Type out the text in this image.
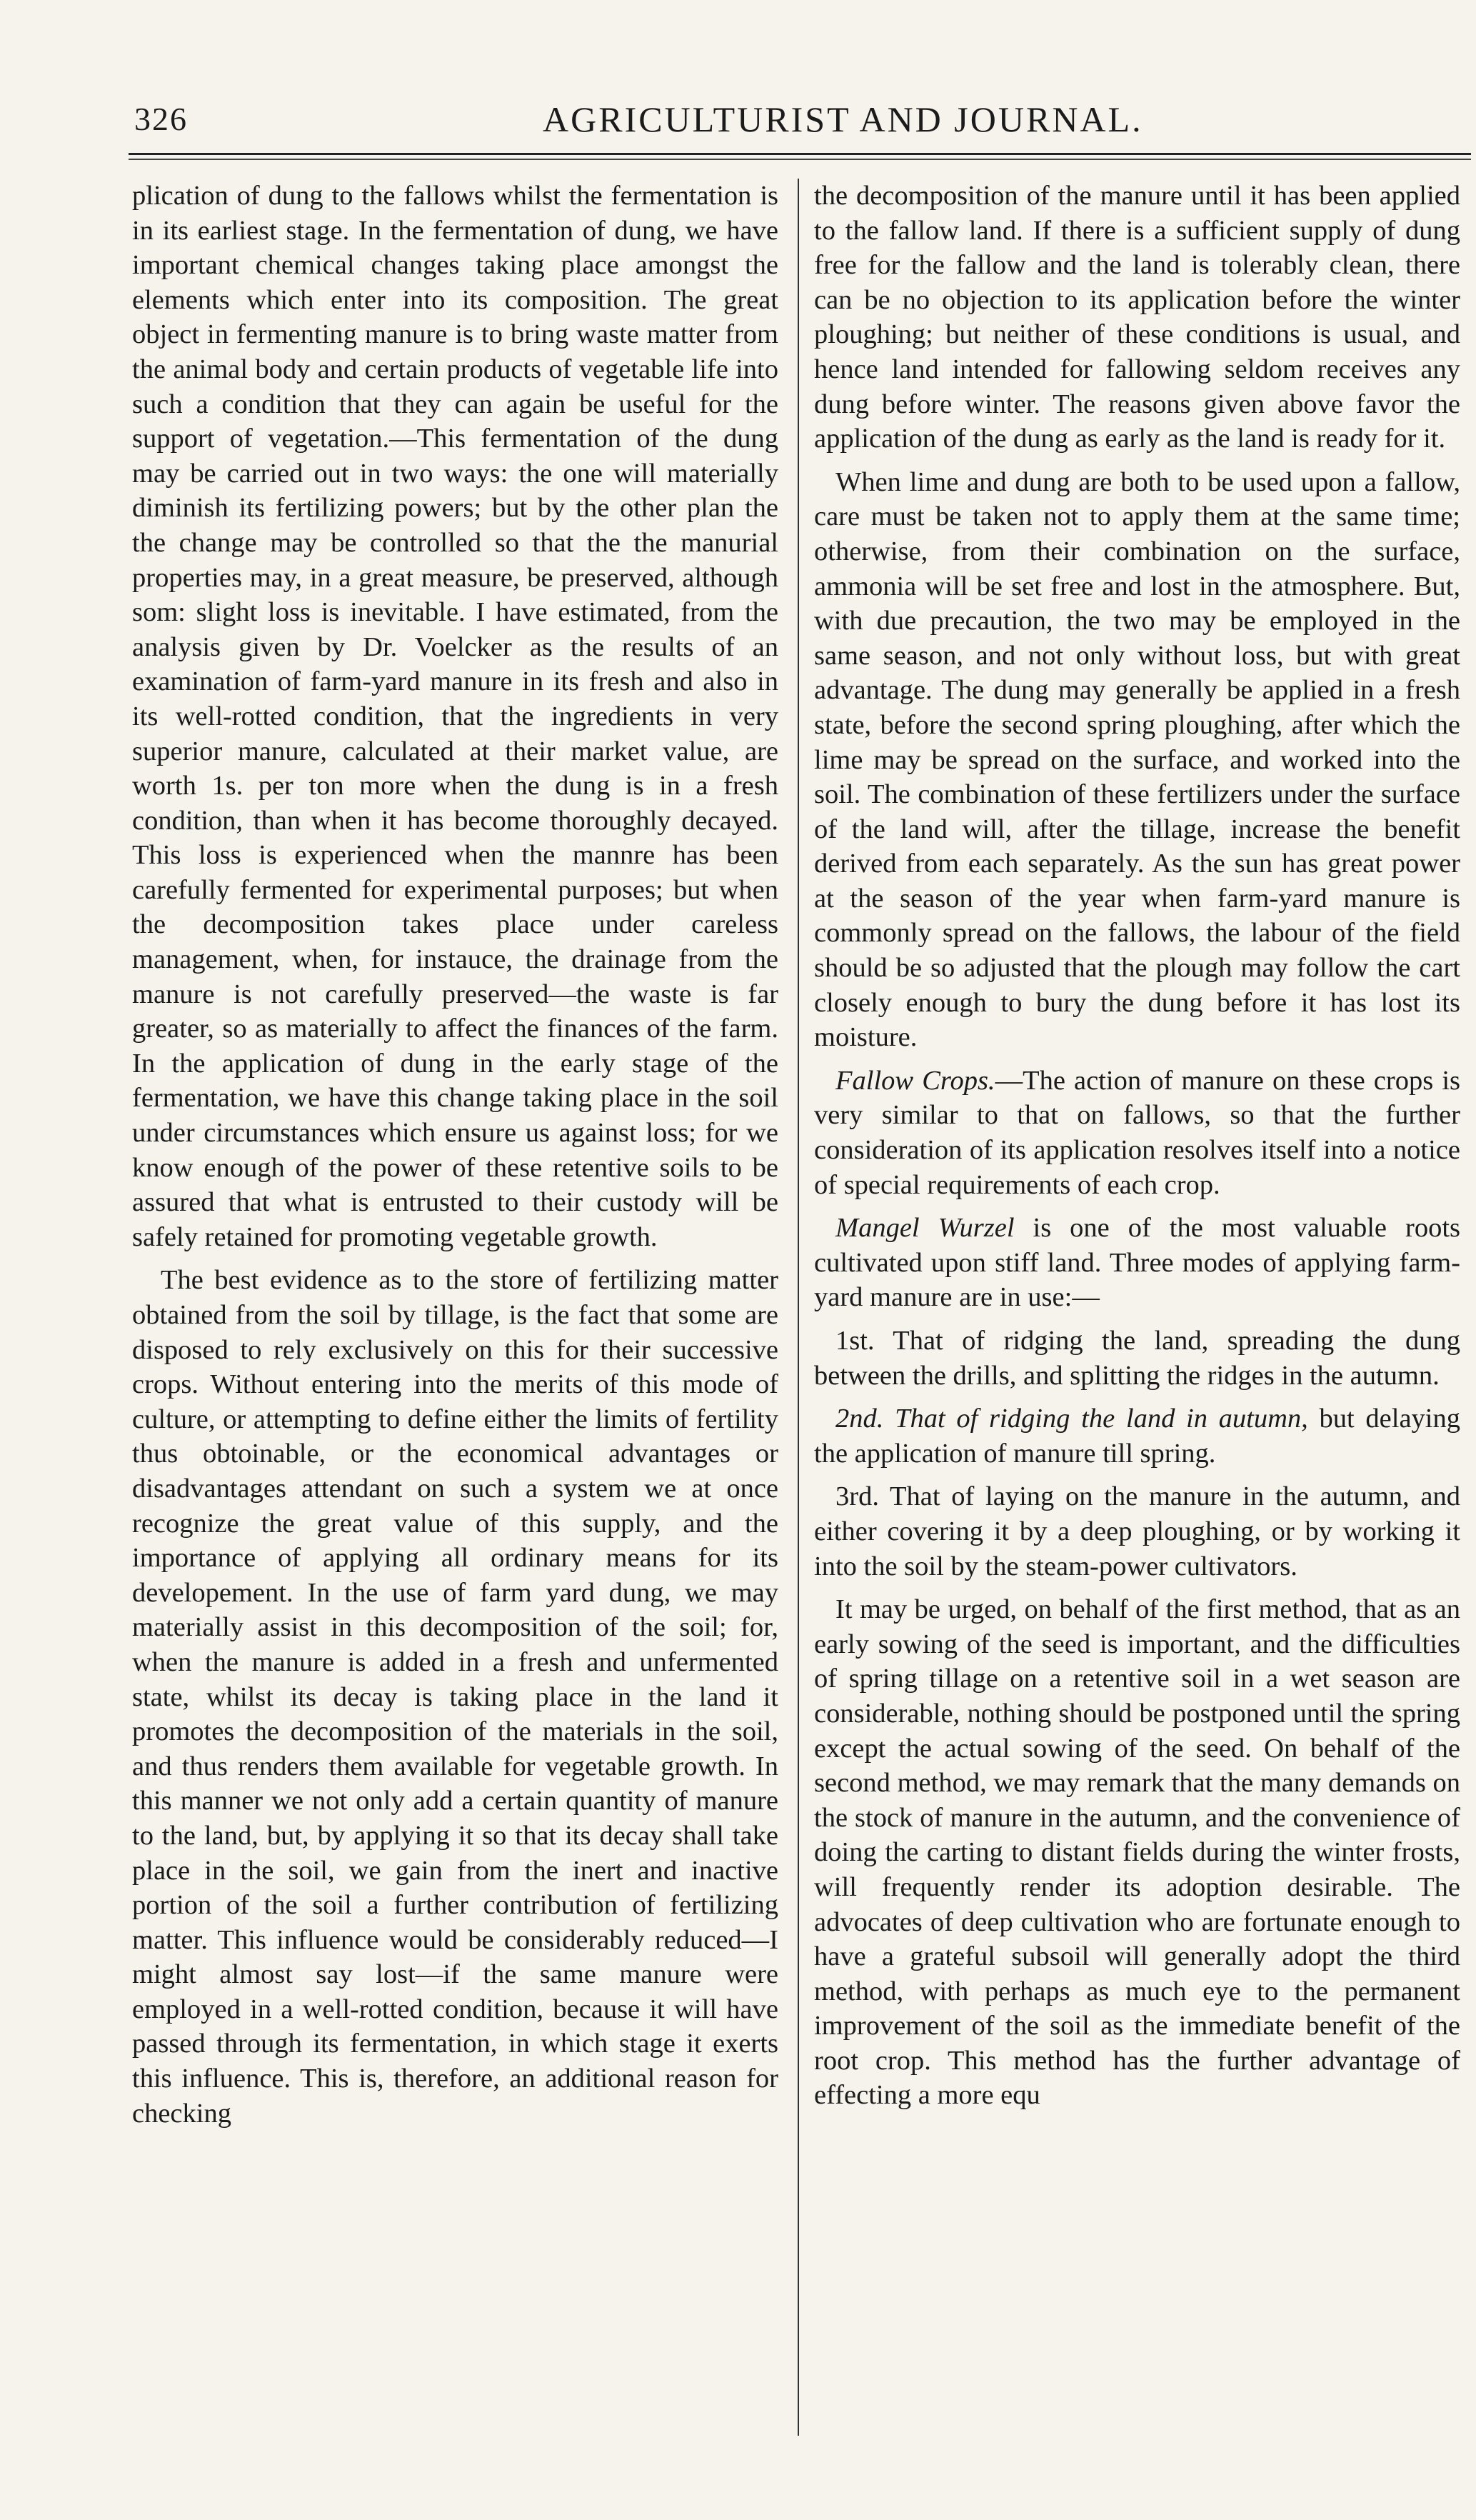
326	AGRICULTURIST AND JOURNAL.

plication of dung to the fallows whilst the fermentation is in its earliest stage. In the fermentation of dung, we have important chemical changes taking place amongst the elements which enter into its composition. The great object in fermenting manure is to bring waste matter from the animal body and certain products of vegetable life into such a condition that they can again be useful for the support of vegetation.—This fermentation of the dung may be carried out in two ways: the one will materially diminish its fertilizing powers; but by the other plan the the change may be controlled so that the the manurial properties may, in a great measure, be preserved, although som: slight loss is inevitable. I have estimated, from the analysis given by Dr. Voelcker as the results of an examination of farm-yard manure in its fresh and also in its well-rotted condition, that the ingredients in very superior manure, calculated at their market value, are worth 1s. per ton more when the dung is in a fresh condition, than when it has become thoroughly decayed. This loss is experienced when the mannre has been carefully fermented for experimental purposes; but when the decomposition takes place under careless management, when, for instauce, the drainage from the manure is not carefully preserved—the waste is far greater, so as materially to affect the finances of the farm. In the application of dung in the early stage of the fermentation, we have this change taking place in the soil under circumstances which ensure us against loss; for we know enough of the power of these retentive soils to be assured that what is entrusted to their custody will be safely retained for promoting vegetable growth.

The best evidence as to the store of fertilizing matter obtained from the soil by tillage, is the fact that some are disposed to rely exclusively on this for their successive crops. Without entering into the merits of this mode of culture, or attempting to define either the limits of fertility thus obtoinable, or the economical advantages or disadvantages attendant on such a system we at once recognize the great value of this supply, and the importance of applying all ordinary means for its developement. In the use of farm yard dung, we may materially assist in this decomposition of the soil; for, when the manure is added in a fresh and unfermented state, whilst its decay is taking place in the land it promotes the decomposition of the materials in the soil, and thus renders them available for vegetable growth. In this manner we not only add a certain quantity of manure to the land, but, by applying it so that its decay shall take place in the soil, we gain from the inert and inactive portion of the soil a further contribution of fertilizing matter. This influence would be considerably reduced—I might almost say lost—if the same manure were employed in a well-rotted condition, because it will have passed through its fermentation, in which stage it exerts this influence. This is, therefore, an additional reason for checking

the decomposition of the manure until it has been applied to the fallow land. If there is a sufficient supply of dung free for the fallow and the land is tolerably clean, there can be no objection to its application before the winter ploughing; but neither of these conditions is usual, and hence land intended for fallowing seldom receives any dung before winter. The reasons given above favor the application of the dung as early as the land is ready for it.

When lime and dung are both to be used upon a fallow, care must be taken not to apply them at the same time; otherwise, from their combination on the surface, ammonia will be set free and lost in the atmosphere. But, with due precaution, the two may be employed in the same season, and not only without loss, but with great advantage. The dung may generally be applied in a fresh state, before the second spring ploughing, after which the lime may be spread on the surface, and worked into the soil. The combination of these fertilizers under the surface of the land will, after the tillage, increase the benefit derived from each separately. As the sun has great power at the season of the year when farm-yard manure is commonly spread on the fallows, the labour of the field should be so adjusted that the plough may follow the cart closely enough to bury the dung before it has lost its moisture.

Fallow Crops.—The action of manure on these crops is very similar to that on fallows, so that the further consideration of its application resolves itself into a notice of special requirements of each crop.

Mangel Wurzel is one of the most valuable roots cultivated upon stiff land. Three modes of applying farm-yard manure are in use:—

1st. That of ridging the land, spreading the dung between the drills, and splitting the ridges in the autumn.

2nd. That of ridging the land in autumn, but delaying the application of manure till spring.

3rd. That of laying on the manure in the autumn, and either covering it by a deep ploughing, or by working it into the soil by the steam-power cultivators.

It may be urged, on behalf of the first method, that as an early sowing of the seed is important, and the difficulties of spring tillage on a retentive soil in a wet season are considerable, nothing should be postponed until the spring except the actual sowing of the seed. On behalf of the second method, we may remark that the many demands on the stock of manure in the autumn, and the convenience of doing the carting to distant fields during the winter frosts, will frequently render its adoption desirable. The advocates of deep cultivation who are fortunate enough to have a grateful subsoil will generally adopt the third method, with perhaps as much eye to the permanent improvement of the soil as the immediate benefit of the root crop. This method has the further advantage of effecting a more equ
